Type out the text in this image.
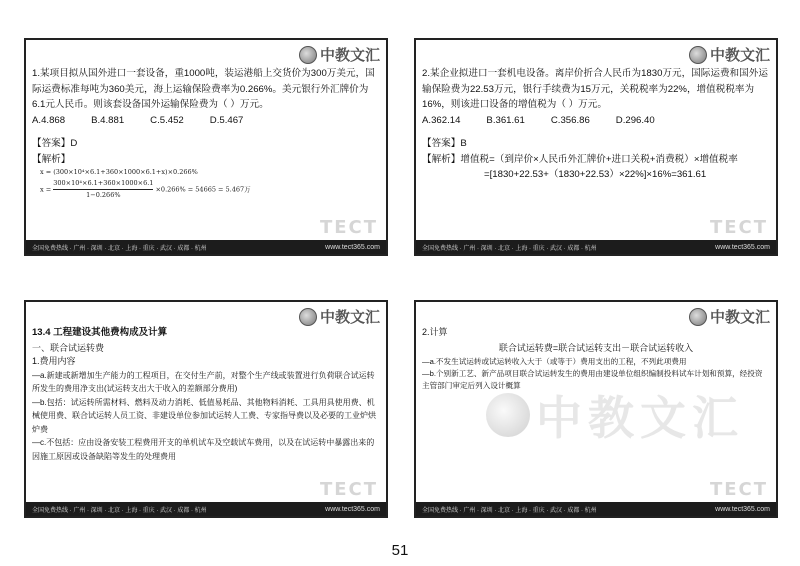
中教文汇

1.某项目拟从国外进口一套设备，重1000吨，装运港船上交货价为300万美元，国际运费标准每吨为360美元，海上运输保险费率为0.266%。美元银行外汇牌价为6.1元人民币。则该套设备国外运输保险费为（ ）万元。

A.4.868	B.4.881	C.5.452	D.5.467
【答案】D
【解析】
x = (300×10⁴×6.1+360×1000×6.1+x)×0.266%
$x = \frac{\text{300×10⁴×6.1+360×1000×6.1}}{1-0.266\%} \times 0.266\% = 54665 = 5.467$万
TECT
全国免费热线 · 广州 · 深圳 · 北京 · 上海 · 重庆 · 武汉 · 成都 · 杭州	www.tect365.com
中教文汇

2.某企业拟进口一套机电设备。离岸价折合人民币为1830万元，国际运费和国外运输保险费为22.53万元，银行手续费为15万元，关税税率为22%，增值税税率为16%，则该进口设备的增值税为（ ）万元。

A.362.14	B.361.61	C.356.86	D.296.40
【答案】B
【解析】增值税=（到岸价×人民币外汇牌价+进口关税+消费税）×增值税率
=[1830+22.53+（1830+22.53）×22%]×16%=361.61
TECT
全国免费热线 · 广州 · 深圳 · 北京 · 上海 · 重庆 · 武汉 · 成都 · 杭州	www.tect365.com
中教文汇

13.4 工程建设其他费构成及计算

一、联合试运转费

1.费用内容

—a.新建或新增加生产能力的工程项目，在交付生产前，对整个生产线或装置进行负荷联合试运转所发生的费用净支出(试运转支出大于收入的差额部分费用)

—b.包括：试运转所需材料、燃料及动力消耗、低值易耗品、其他物料消耗、工具用具使用费、机械使用费、联合试运转人员工资、非建设单位参加试运转人工费、专家指导费以及必要的工业炉烘炉费

—c.不包括：应由设备安装工程费用开支的单机试车及空载试车费用，以及在试运转中暴露出来的因施工原因或设备缺陷等发生的处理费用

TECT
全国免费热线 · 广州 · 深圳 · 北京 · 上海 · 重庆 · 武汉 · 成都 · 杭州	www.tect365.com
中教文汇
中教文汇

2.计算

联合试运转费=联合试运转支出－联合试运转收入

—a.不发生试运转或试运转收入大于（或等于）费用支出的工程，不列此项费用

—b.个别新工艺、新产品项目联合试运转发生的费用由建设单位组织编制投料试车计划和预算，经投资主管部门审定后列入设计概算

TECT
全国免费热线 · 广州 · 深圳 · 北京 · 上海 · 重庆 · 武汉 · 成都 · 杭州	www.tect365.com
51
